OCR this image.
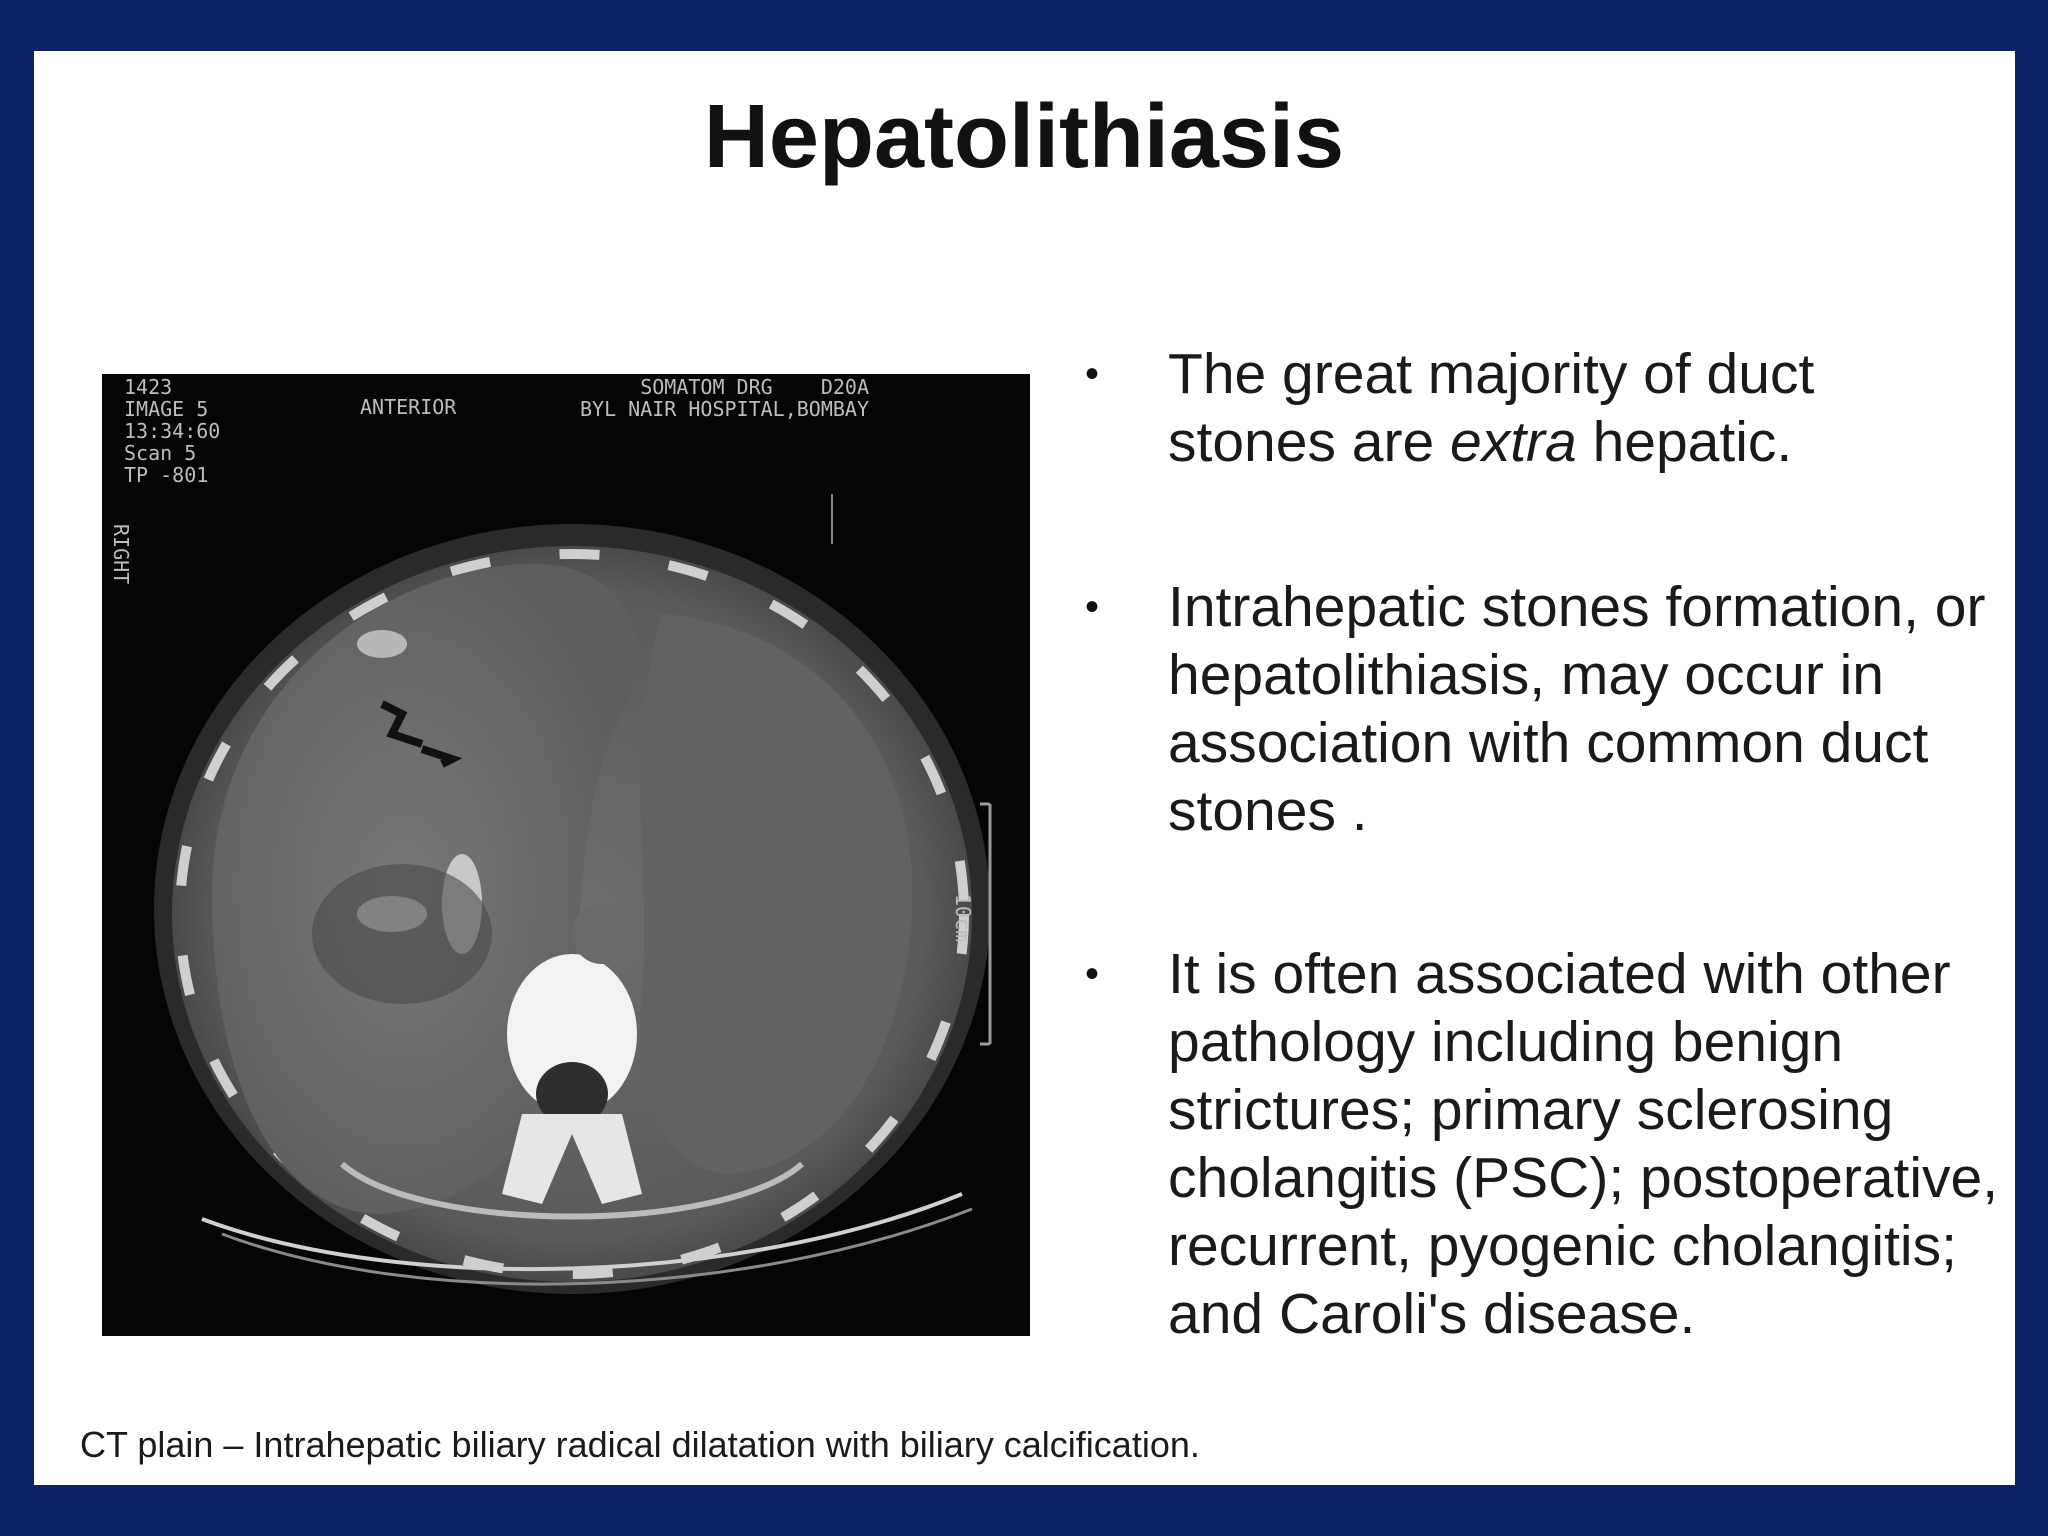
Hepatolithiasis
1423
IMAGE 5
13:34:60
Scan 5
TP -801
ANTERIOR
SOMATOM DRG    D20A
BYL NAIR HOSPITAL,BOMBAY
RIGHT
10cm
• The great majority of duct stones are extra hepatic.
• Intrahepatic stones formation, or hepatolithiasis, may occur in association with common duct stones .
• It is often associated with other pathology including benign strictures; primary sclerosing cholangitis (PSC); postoperative, recurrent, pyogenic cholangitis; and Caroli's disease.
CT plain – Intrahepatic biliary radical dilatation with biliary calcification.
